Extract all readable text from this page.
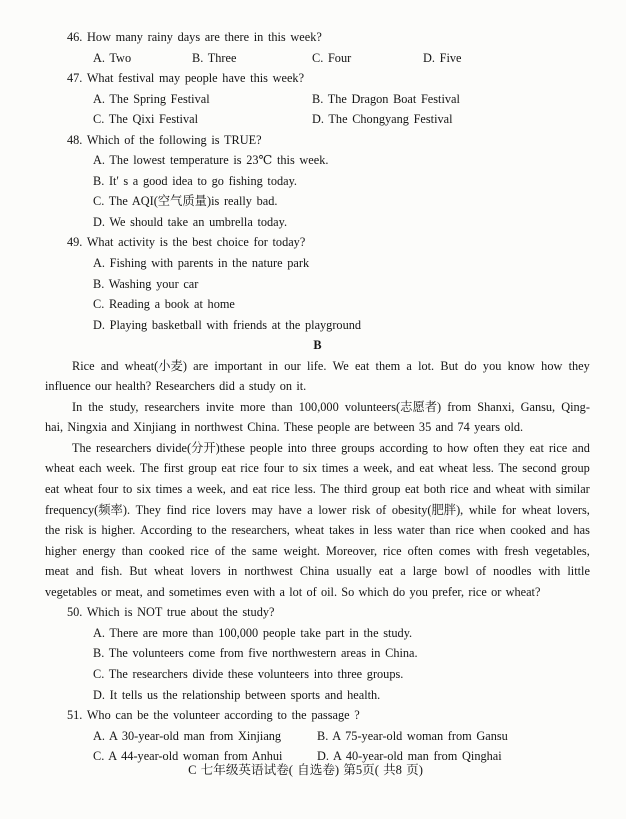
46. How many rainy days are there in this week?
A. Two	B. Three	C. Four	D. Five
47. What festival may people have this week?
A. The Spring Festival	B. The Dragon Boat Festival
C. The Qixi Festival	D. The Chongyang Festival
48. Which of the following is TRUE?
A. The lowest temperature is 23℃ this week.
B. It' s a good idea to go fishing today.
C. The AQI(空气质量)is really bad.
D. We should take an umbrella today.
49. What activity is the best choice for today?
A. Fishing with parents in the nature park
B. Washing your car
C. Reading a book at home
D. Playing basketball with friends at the playground
B
Rice and wheat(小麦) are important in our life. We eat them a lot. But do you know how they
influence our health? Researchers did a study on it.
In the study, researchers invite more than 100,000 volunteers(志愿者) from Shanxi, Gansu, Qing-
hai, Ningxia and Xinjiang in northwest China. These people are between 35 and 74 years old.
The researchers divide(分开)these people into three groups according to how often they eat rice and
wheat each week. The first group eat rice four to six times a week, and eat wheat less. The second group
eat wheat four to six times a week, and eat rice less. The third group eat both rice and wheat with similar
frequency(频率). They find rice lovers may have a lower risk of obesity(肥胖), while for wheat lovers,
the risk is higher. According to the researchers, wheat takes in less water than rice when cooked and has
higher energy than cooked rice of the same weight. Moreover, rice often comes with fresh vegetables,
meat and fish. But wheat lovers in northwest China usually eat a large bowl of noodles with little
vegetables or meat, and sometimes even with a lot of oil. So which do you prefer, rice or wheat?
50. Which is NOT true about the study?
A. There are more than 100,000 people take part in the study.
B. The volunteers come from five northwestern areas in China.
C. The researchers divide these volunteers into three groups.
D. It tells us the relationship between sports and health.
51. Who can be the volunteer according to the passage ?
A. A 30-year-old man from Xinjiang	B. A 75-year-old woman from Gansu
C. A 44-year-old woman from Anhui	D. A 40-year-old man from Qinghai
C 七年级英语试卷( 自选卷) 第5页( 共8 页)
